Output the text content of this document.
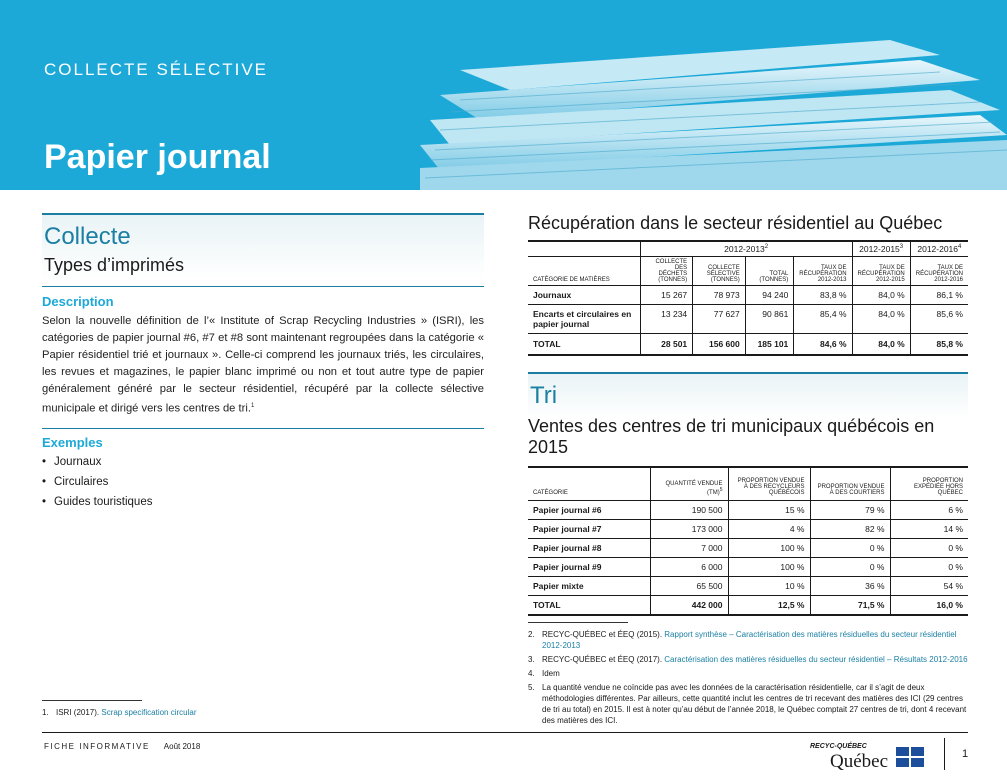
COLLECTE SÉLECTIVE
Papier journal
Collecte
Types d’imprimés
Description

Selon la nouvelle définition de l’« Institute of Scrap Recycling Industries » (ISRI), les catégories de papier journal #6, #7 et #8 sont maintenant regroupées dans la catégorie « Papier résidentiel trié et journaux ». Celle-ci comprend les journaux triés, les circulaires, les revues et magazines, le papier blanc imprimé ou non et tout autre type de papier généralement généré par le secteur résidentiel, récupéré par la collecte sélective municipale et dirigé vers les centres de tri.$^1$

Exemples
• Journaux
• Circulaires
• Guides touristiques
Récupération dans le secteur résidentiel au Québec
	2012-2013$^2$				2012-2015$^3$	2012-2016$^4$
CATÉGORIE DE MATIÈRES	COLLECTE DES DÉCHETS (TONNES)	COLLECTE SÉLECTIVE (TONNES)	TOTAL (TONNES)	TAUX DE RÉCUPÉRATION 2012-2013	TAUX DE RÉCUPÉRATION 2012-2015	TAUX DE RÉCUPÉRATION 2012-2016
Journaux	15 267	78 973	94 240	83,8 %	84,0 %	86,1 %
Encarts et circulaires en papier journal	13 234	77 627	90 861	85,4 %	84,0 %	85,6 %
TOTAL	28 501	156 600	185 101	84,6 %	84,0 %	85,8 %
Tri
Ventes des centres de tri municipaux québécois en 2015
CATÉGORIE	QUANTITÉ VENDUE (TM)$^5$	PROPORTION VENDUE À DES RECYCLEURS QUÉBÉCOIS	PROPORTION VENDUE À DES COURTIERS	PROPORTION EXPÉDIÉE HORS QUÉBEC
Papier journal #6	190 500	15 %	79 %	6 %
Papier journal #7	173 000	4 %	82 %	14 %
Papier journal #8	7 000	100 %	0 %	0 %
Papier journal #9	6 000	100 %	0 %	0 %
Papier mixte	65 500	10 %	36 %	54 %
TOTAL	442 000	12,5 %	71,5 %	16,0 %
1. ISRI (2017). Scrap specification circular
2. RECYC-QUÉBEC et ÉEQ (2015). Rapport synthèse – Caractérisation des matières résiduelles du secteur résidentiel 2012-2013
3. RECYC-QUÉBEC et ÉEQ (2017). Caractérisation des matières résiduelles du secteur résidentiel – Résultats 2012-2016
4. Idem
5. La quantité vendue ne coïncide pas avec les données de la caractérisation résidentielle, car il s’agit de deux méthodologies différentes. Par ailleurs, cette quantité inclut les centres de tri recevant des matières des ICI (29 centres de tri au total) en 2015. Il est à noter qu’au début de l’année 2018, le Québec comptait 27 centres de tri, dont 4 recevant des matières des ICI.
FICHE INFORMATIVE Août 2018	RECYC-QUÉBEC
Québec	1
